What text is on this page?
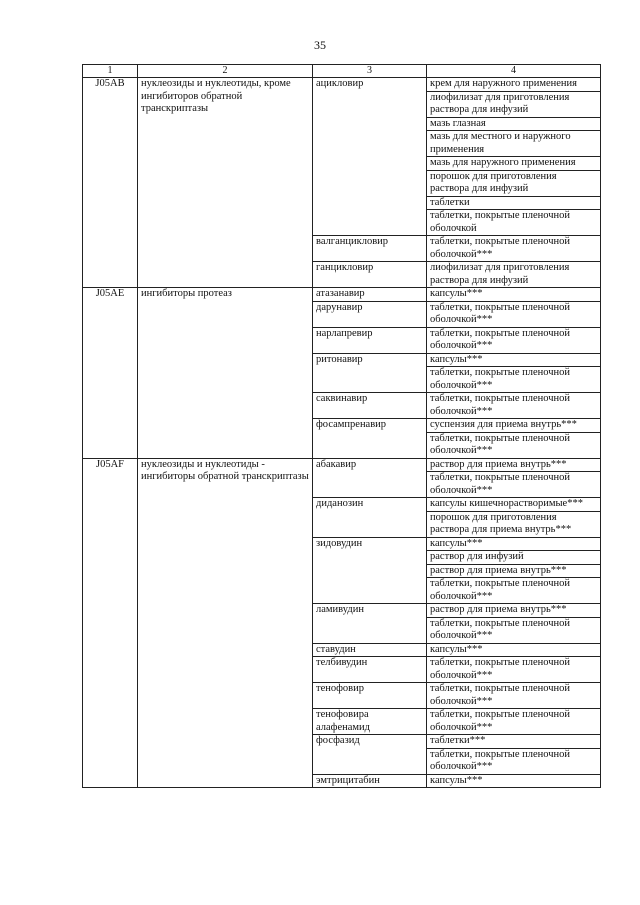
35
1	2	3	4
J05AB	нуклеозиды и нуклеотиды, кроме ингибиторов обратной транскриптазы	ацикловир	крем для наружного применения
			лиофилизат для приготовления раствора для инфузий
			мазь глазная
			мазь для местного и наружного применения
			мазь для наружного применения
			порошок для приготовления раствора для инфузий
			таблетки
			таблетки, покрытые пленочной оболочкой
		валганцикловир	таблетки, покрытые пленочной оболочкой***
		ганцикловир	лиофилизат для приготовления раствора для инфузий
J05AE	ингибиторы протеаз	атазанавир	капсулы***
		дарунавир	таблетки, покрытые пленочной оболочкой***
		нарлапревир	таблетки, покрытые пленочной оболочкой***
		ритонавир	капсулы***
			таблетки, покрытые пленочной оболочкой***
		саквинавир	таблетки, покрытые пленочной оболочкой***
		фосампренавир	суспензия для приема внутрь***
			таблетки, покрытые пленочной оболочкой***
J05AF	нуклеозиды и нуклеотиды - ингибиторы обратной транскриптазы	абакавир	раствор для приема внутрь***
			таблетки, покрытые пленочной оболочкой***
		диданозин	капсулы кишечнорастворимые***
			порошок для приготовления раствора для приема внутрь***
		зидовудин	капсулы***
			раствор для инфузий
			раствор для приема внутрь***
			таблетки, покрытые пленочной оболочкой***
		ламивудин	раствор для приема внутрь***
			таблетки, покрытые пленочной оболочкой***
		ставудин	капсулы***
		телбивудин	таблетки, покрытые пленочной оболочкой***
		тенофовир	таблетки, покрытые пленочной оболочкой***
		тенофовира алафенамид	таблетки, покрытые пленочной оболочкой***
		фосфазид	таблетки***
			таблетки, покрытые пленочной оболочкой***
		эмтрицитабин	капсулы***
